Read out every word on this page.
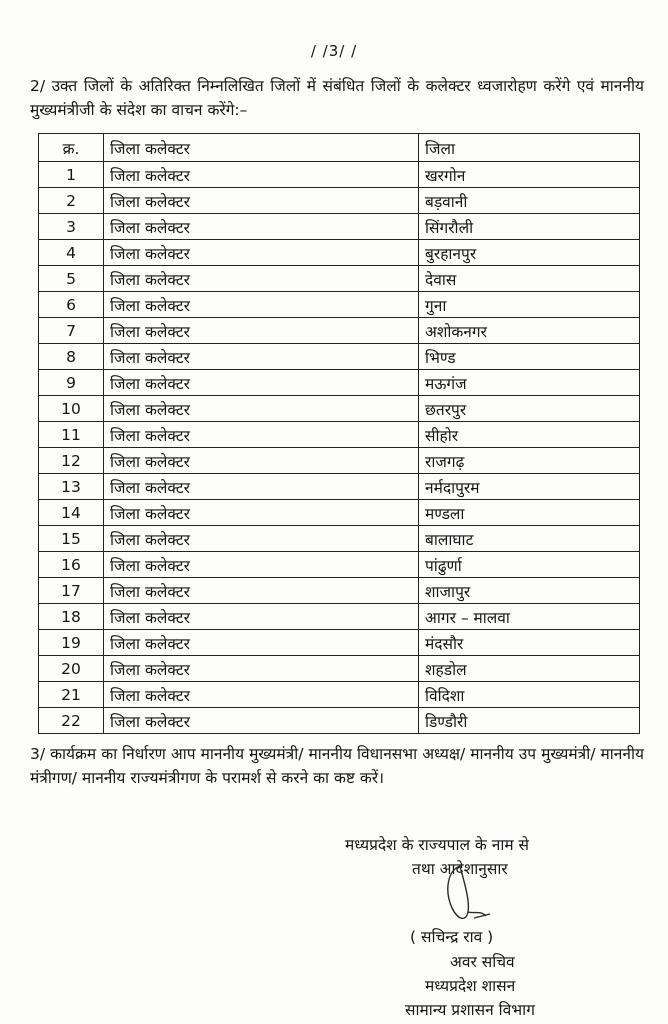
/ /3/ /
2/ उक्त जिलों के अतिरिक्त निम्नलिखित जिलों में संबंधित जिलों के कलेक्टर ध्वजारोहण करेंगे एवं माननीय मुख्यमंत्रीजी के संदेश का वाचन करेंगे:–
क्र.	जिला कलेक्टर	जिला
1	जिला कलेक्टर	खरगोन
2	जिला कलेक्टर	बड़वानी
3	जिला कलेक्टर	सिंगरौली
4	जिला कलेक्टर	बुरहानपुर
5	जिला कलेक्टर	देवास
6	जिला कलेक्टर	गुना
7	जिला कलेक्टर	अशोकनगर
8	जिला कलेक्टर	भिण्ड
9	जिला कलेक्टर	मऊगंज
10	जिला कलेक्टर	छतरपुर
11	जिला कलेक्टर	सीहोर
12	जिला कलेक्टर	राजगढ़
13	जिला कलेक्टर	नर्मदापुरम
14	जिला कलेक्टर	मण्डला
15	जिला कलेक्टर	बालाघाट
16	जिला कलेक्टर	पांढुर्णा
17	जिला कलेक्टर	शाजापुर
18	जिला कलेक्टर	आगर – मालवा
19	जिला कलेक्टर	मंदसौर
20	जिला कलेक्टर	शहडोल
21	जिला कलेक्टर	विदिशा
22	जिला कलेक्टर	डिण्डौरी
3/ कार्यक्रम का निर्धारण आप माननीय मुख्यमंत्री/ माननीय विधानसभा अध्यक्ष/ माननीय उप मुख्यमंत्री/ माननीय मंत्रीगण/ माननीय राज्यमंत्रीगण के परामर्श से करने का कष्ट करें।
मध्यप्रदेश के राज्यपाल के नाम से
तथा आदेशानुसार
( सचिन्द्र राव )
अवर सचिव
मध्यप्रदेश शासन
सामान्य प्रशासन विभाग
